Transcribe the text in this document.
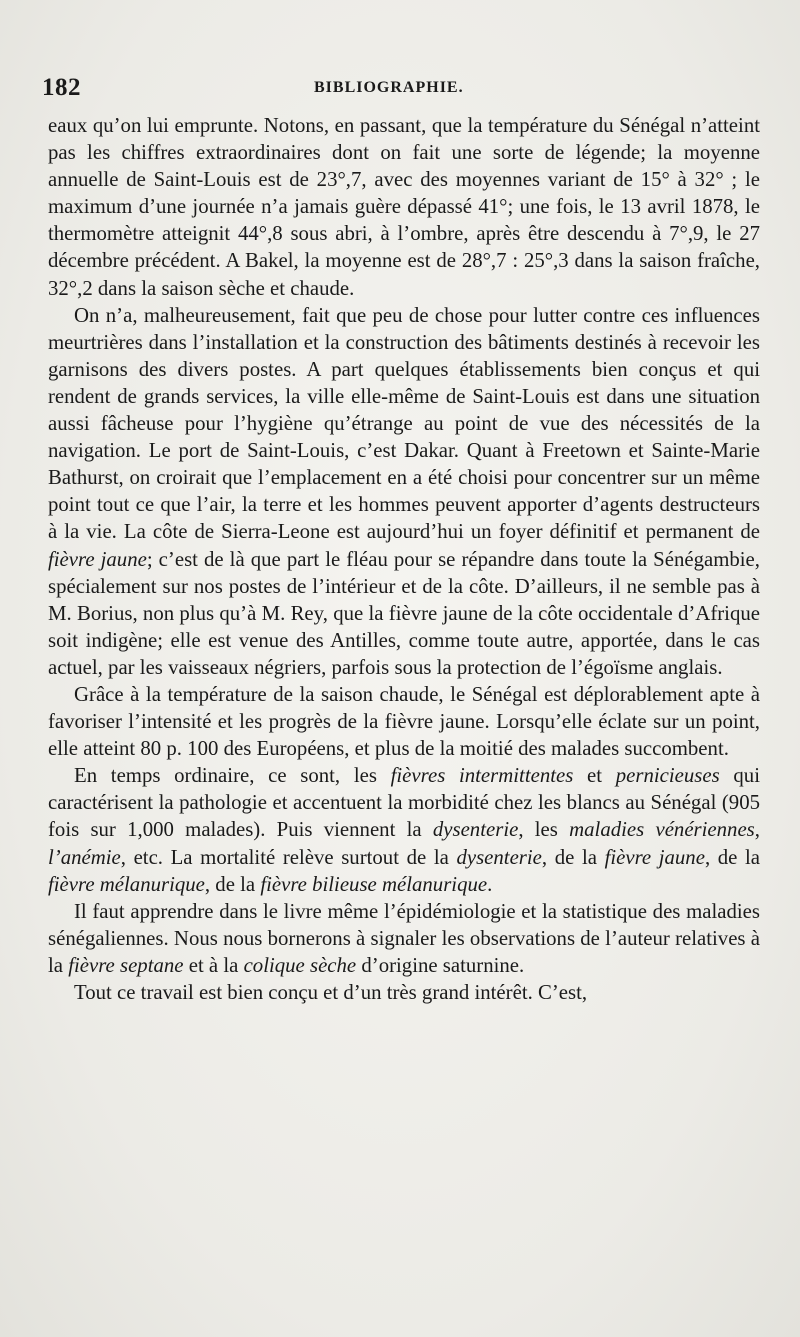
182	BIBLIOGRAPHIE.

eaux qu’on lui emprunte. Notons, en passant, que la température du Sénégal n’atteint pas les chiffres extraordinaires dont on fait une sorte de légende; la moyenne annuelle de Saint-Louis est de 23°,7, avec des moyennes variant de 15° à 32° ; le maximum d’une journée n’a jamais guère dépassé 41°; une fois, le 13 avril 1878, le thermomètre atteignit 44°,8 sous abri, à l’ombre, après être descendu à 7°,9, le 27 décembre précédent. A Bakel, la moyenne est de 28°,7 : 25°,3 dans la saison fraîche, 32°,2 dans la saison sèche et chaude.

On n’a, malheureusement, fait que peu de chose pour lutter contre ces influences meurtrières dans l’installation et la construction des bâtiments destinés à recevoir les garnisons des divers postes. A part quelques établissements bien conçus et qui rendent de grands services, la ville elle-même de Saint-Louis est dans une situation aussi fâcheuse pour l’hygiène qu’étrange au point de vue des nécessités de la navigation. Le port de Saint-Louis, c’est Dakar. Quant à Freetown et Sainte-Marie Bathurst, on croirait que l’emplacement en a été choisi pour concentrer sur un même point tout ce que l’air, la terre et les hommes peuvent apporter d’agents destructeurs à la vie. La côte de Sierra-Leone est aujourd’hui un foyer définitif et permanent de fièvre jaune; c’est de là que part le fléau pour se répandre dans toute la Sénégambie, spécialement sur nos postes de l’intérieur et de la côte. D’ailleurs, il ne semble pas à M. Borius, non plus qu’à M. Rey, que la fièvre jaune de la côte occidentale d’Afrique soit indigène; elle est venue des Antilles, comme toute autre, apportée, dans le cas actuel, par les vaisseaux négriers, parfois sous la protection de l’égoïsme anglais.

Grâce à la température de la saison chaude, le Sénégal est déplorablement apte à favoriser l’intensité et les progrès de la fièvre jaune. Lorsqu’elle éclate sur un point, elle atteint 80 p. 100 des Européens, et plus de la moitié des malades succombent.

En temps ordinaire, ce sont, les fièvres intermittentes et pernicieuses qui caractérisent la pathologie et accentuent la morbidité chez les blancs au Sénégal (905 fois sur 1,000 malades). Puis viennent la dysenterie, les maladies vénériennes, l’anémie, etc. La mortalité relève surtout de la dysenterie, de la fièvre jaune, de la fièvre mélanurique, de la fièvre bilieuse mélanurique.

Il faut apprendre dans le livre même l’épidémiologie et la statistique des maladies sénégaliennes. Nous nous bornerons à signaler les observations de l’auteur relatives à la fièvre septane et à la colique sèche d’origine saturnine.

Tout ce travail est bien conçu et d’un très grand intérêt. C’est,
